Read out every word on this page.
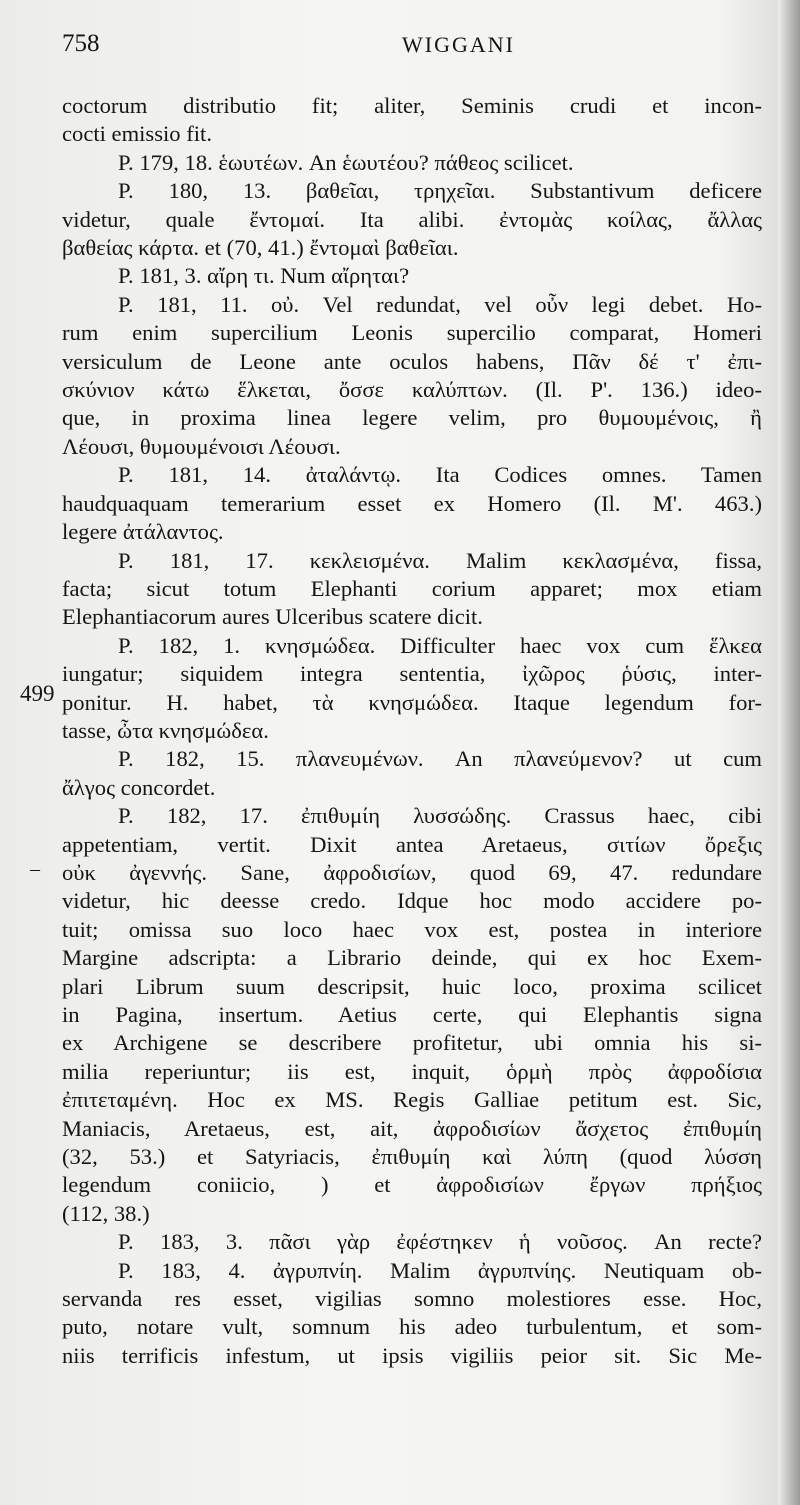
758	WIGGANI
499
–
coctorum distributio fit; aliter, Seminis crudi et incon-
cocti emissio fit.
P. 179, 18. ἑωυτέων. An ἑωυτέου? πάθεος scilicet.
P. 180, 13. βαθεῖαι, τρηχεῖαι. Substantivum deficere
videtur, quale ἔντομαί. Ita alibi. ἐντομὰς κοίλας, ἄλλας
βαθείας κάρτα. et (70, 41.) ἔντομαὶ βαθεῖαι.
P. 181, 3. αἴρη τι. Num αἴρηται?
P. 181, 11. οὐ. Vel redundat, vel οὖν legi debet. Ho-
rum enim supercilium Leonis supercilio comparat, Homeri
versiculum de Leone ante oculos habens, Πᾶν δέ τ' ἐπι-
σκύνιον κάτω ἕλκεται, ὄσσε καλύπτων. (Il. Ρ'. 136.) ideo-
que, in proxima linea legere velim, pro θυμουμένοις, ἢ
Λέουσι, θυμουμένοισι Λέουσι.
P. 181, 14. ἀταλάντῳ. Ita Codices omnes. Tamen
haudquaquam temerarium esset ex Homero (Il. Μ'. 463.)
legere ἀτάλαντος.
P. 181, 17. κεκλεισμένα. Malim κεκλασμένα, fissa,
facta; sicut totum Elephanti corium apparet; mox etiam
Elephantiacorum aures Ulceribus scatere dicit.
P. 182, 1. κνησμώδεα. Difficulter haec vox cum ἕλκεα
iungatur; siquidem integra sententia, ἰχῶρος ῥύσις, inter-
ponitur. H. habet, τὰ κνησμώδεα. Itaque legendum for-
tasse, ὦτα κνησμώδεα.
P. 182, 15. πλανευμένων. An πλανεύμενον? ut cum
ἄλγος concordet.
P. 182, 17. ἐπιθυμίη λυσσώδης. Crassus haec, cibi
appetentiam, vertit. Dixit antea Aretaeus, σιτίων ὄρεξις
οὐκ ἀγεννής. Sane, ἀφροδισίων, quod 69, 47. redundare
videtur, hic deesse credo. Idque hoc modo accidere po-
tuit; omissa suo loco haec vox est, postea in interiore
Margine adscripta: a Librario deinde, qui ex hoc Exem-
plari Librum suum descripsit, huic loco, proxima scilicet
in Pagina, insertum. Aetius certe, qui Elephantis signa
ex Archigene se describere profitetur, ubi omnia his si-
milia reperiuntur; iis est, inquit, ὁρμὴ πρὸς ἀφροδίσια
ἐπιτεταμένη. Hoc ex MS. Regis Galliae petitum est. Sic,
Maniacis, Aretaeus, est, ait, ἀφροδισίων ἄσχετος ἐπιθυμίη
(32, 53.) et Satyriacis, ἐπιθυμίη καὶ λύπη (quod λύσση
legendum coniicio, ) et ἀφροδισίων ἔργων πρήξιος
(112, 38.)
P. 183, 3. πᾶσι γὰρ ἐφέστηκεν ἡ νοῦσος. An recte?
P. 183, 4. ἀγρυπνίη. Malim ἀγρυπνίης. Neutiquam ob-
servanda res esset, vigilias somno molestiores esse. Hoc,
puto, notare vult, somnum his adeo turbulentum, et som-
niis terrificis infestum, ut ipsis vigiliis peior sit. Sic Me-
